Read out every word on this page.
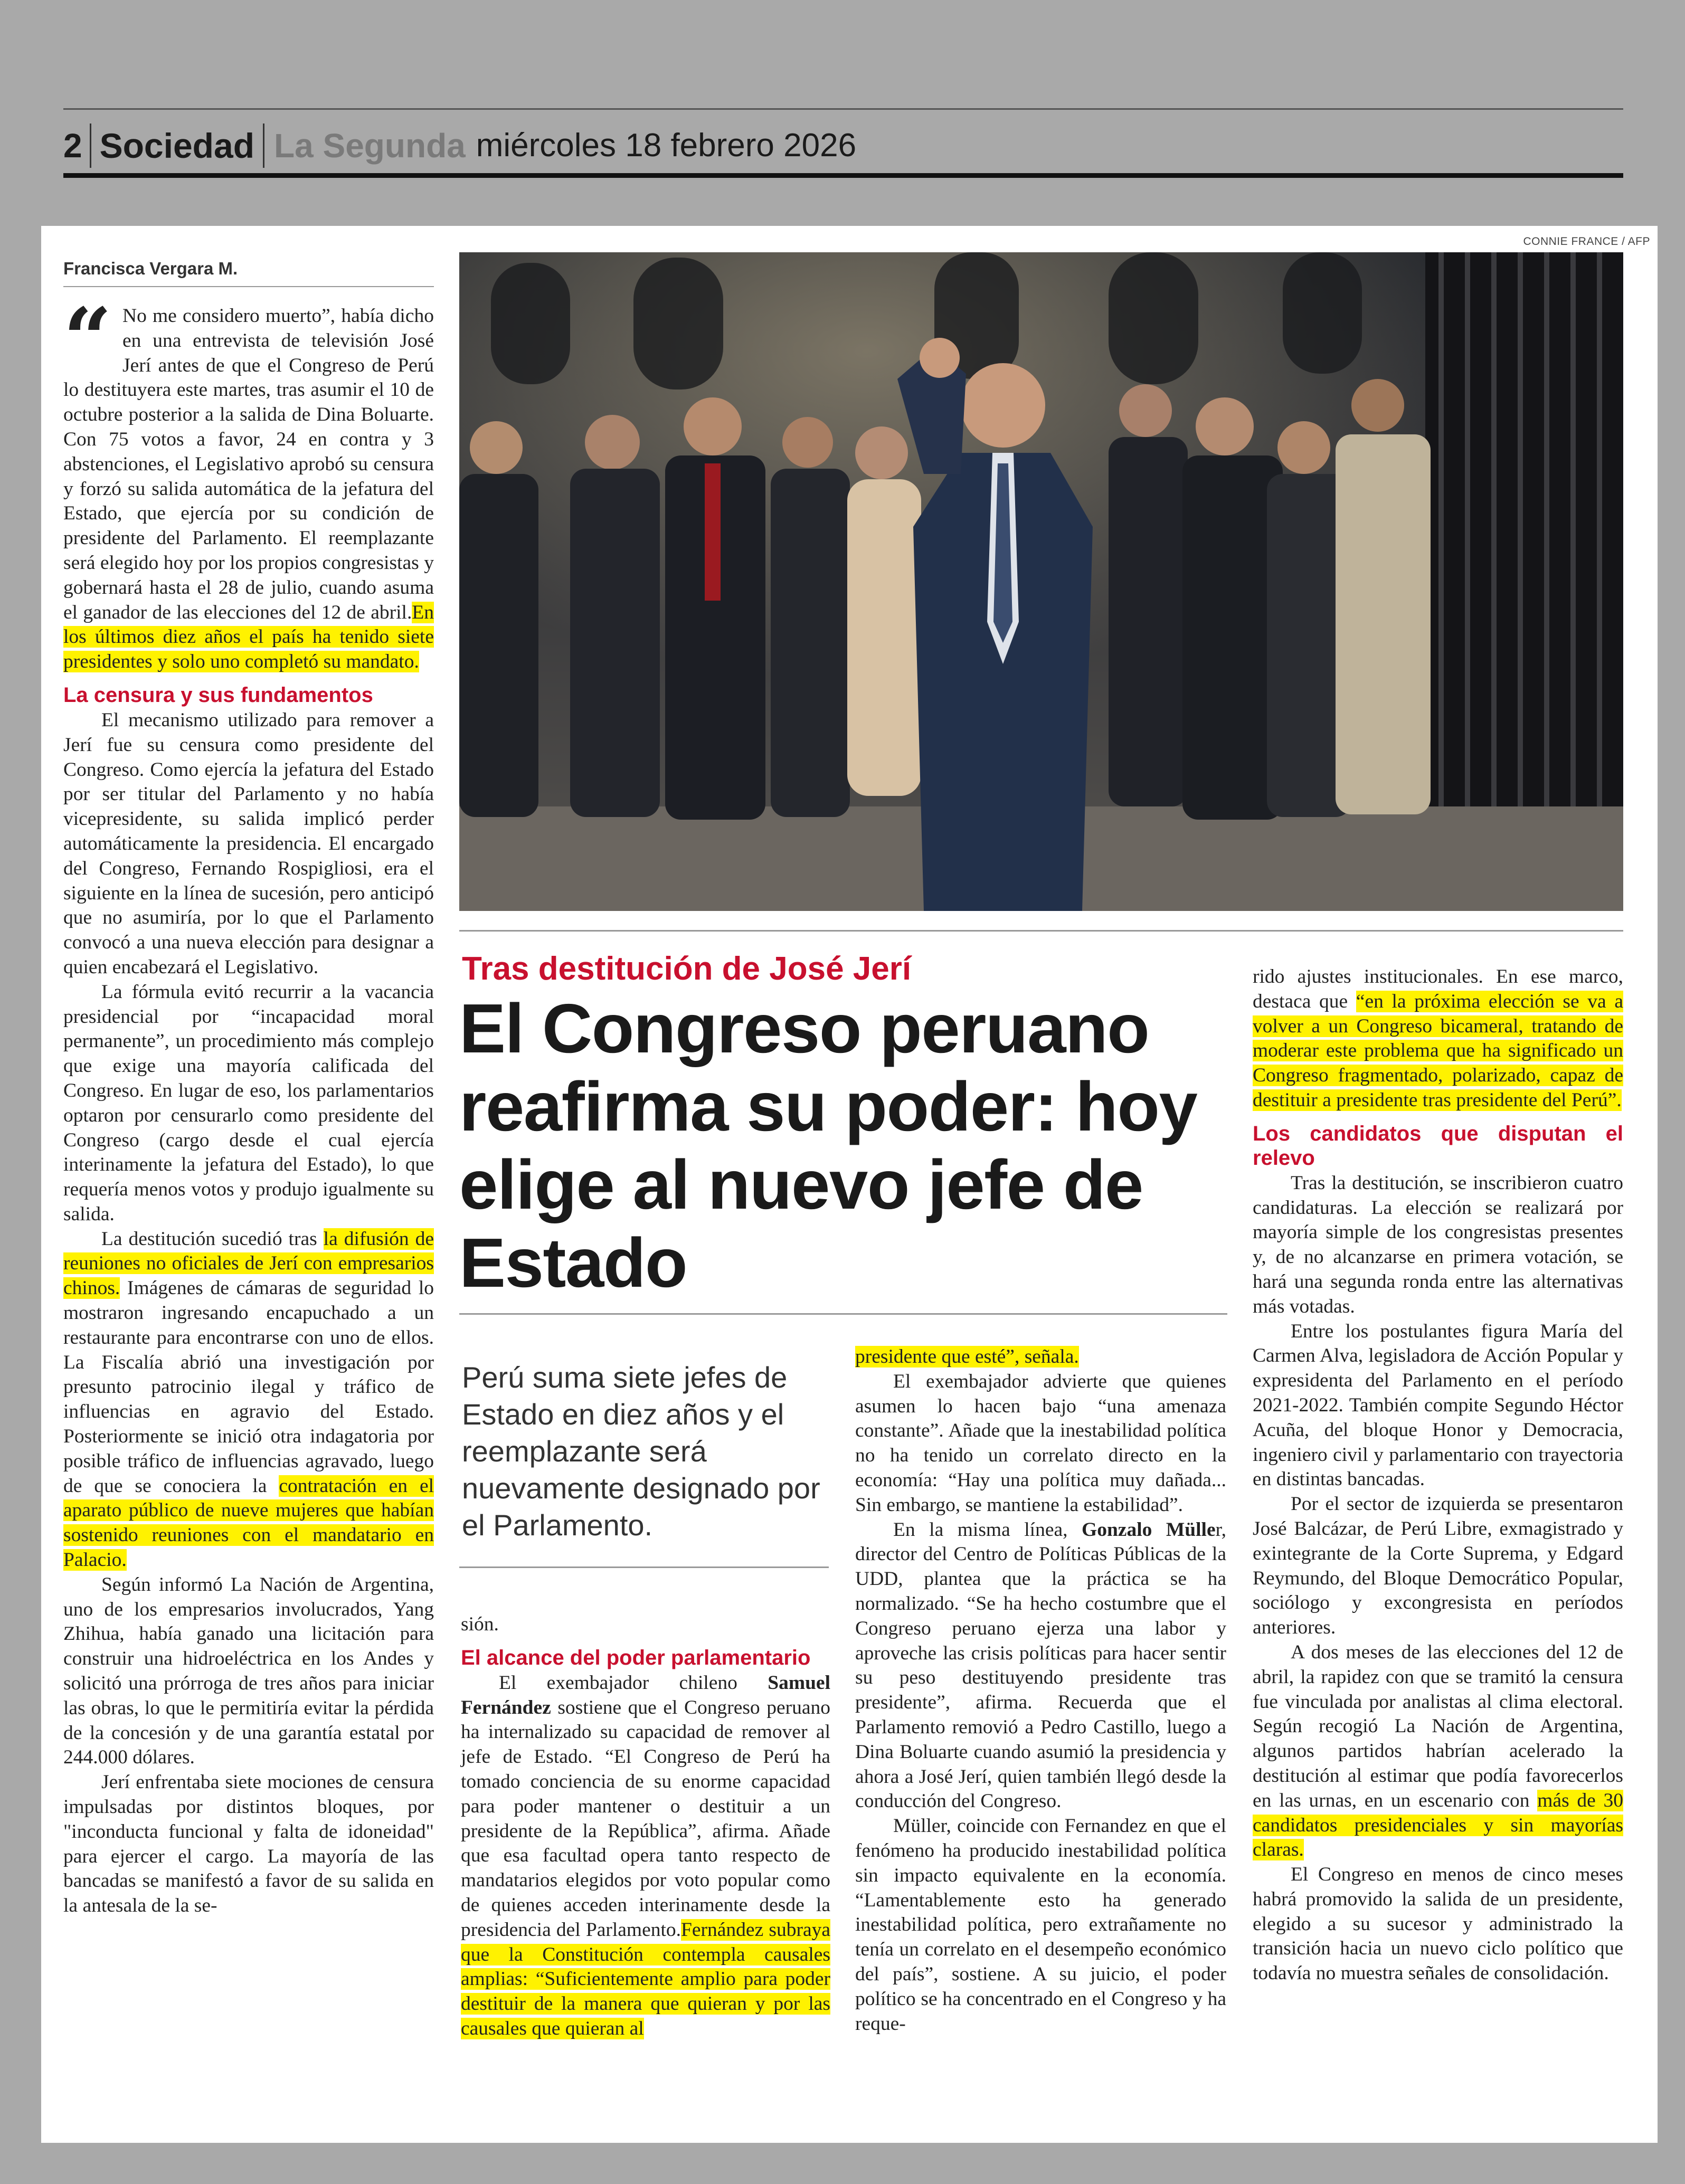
2 Sociedad La Segunda miércoles 18 febrero 2026
CONNIE FRANCE / AFP
Francisca Vergara M.
Tras destitución de José Jerí
El Congreso peruano reafirma su poder: hoy elige al nuevo jefe de Estado
Perú suma siete jefes de Estado en diez años y el reemplazante será nuevamente designado por el Parlamento.

“ No me considero muerto”, había dicho en una entrevista de televisión José Jerí antes de que el Congreso de Perú lo destituyera este martes, tras asumir el 10 de octubre posterior a la salida de Dina Boluarte. Con 75 votos a favor, 24 en contra y 3 abstenciones, el Legislativo aprobó su censura y forzó su salida automática de la jefatura del Estado, que ejercía por su condición de presidente del Parlamento. El reemplazante será elegido hoy por los propios congresistas y gobernará hasta el 28 de julio, cuando asuma el ganador de las elecciones del 12 de abril.En los últimos diez años el país ha tenido siete presidentes y solo uno completó su mandato.

La censura y sus fundamentos

El mecanismo utilizado para remover a Jerí fue su censura como presidente del Congreso. Como ejercía la jefatura del Estado por ser titular del Parlamento y no había vicepresidente, su salida implicó perder automáticamente la presidencia. El encargado del Congreso, Fernando Rospigliosi, era el siguiente en la línea de sucesión, pero anticipó que no asumiría, por lo que el Parlamento convocó a una nueva elección para designar a quien encabezará el Legislativo.

La fórmula evitó recurrir a la vacancia presidencial por “incapacidad moral permanente”, un procedimiento más complejo que exige una mayoría calificada del Congreso. En lugar de eso, los parlamentarios optaron por censurarlo como presidente del Congreso (cargo desde el cual ejercía interinamente la jefatura del Estado), lo que requería menos votos y produjo igualmente su salida.

La destitución sucedió tras la difusión de reuniones no oficiales de Jerí con empresarios chinos. Imágenes de cámaras de seguridad lo mostraron ingresando encapuchado a un restaurante para encontrarse con uno de ellos. La Fiscalía abrió una investigación por presunto patrocinio ilegal y tráfico de influencias en agravio del Estado. Posteriormente se inició otra indagatoria por posible tráfico de influencias agravado, luego de que se conociera la contratación en el aparato público de nueve mujeres que habían sostenido reuniones con el mandatario en Palacio.

Según informó La Nación de Argentina, uno de los empresarios involucrados, Yang Zhihua, había ganado una licitación para construir una hidroeléctrica en los Andes y solicitó una prórroga de tres años para iniciar las obras, lo que le permitiría evitar la pérdida de la concesión y de una garantía estatal por 244.000 dólares.

Jerí enfrentaba siete mociones de censura impulsadas por distintos bloques, por "inconducta funcional y falta de idoneidad" para ejercer el cargo. La mayoría de las bancadas se manifestó a favor de su salida en la antesala de la se-

sión.

El alcance del poder parlamentario

El exembajador chileno Samuel Fernández sostiene que el Congreso peruano ha internalizado su capacidad de remover al jefe de Estado. “El Congreso de Perú ha tomado conciencia de su enorme capacidad para poder mantener o destituir a un presidente de la República”, afirma. Añade que esa facultad opera tanto respecto de mandatarios elegidos por voto popular como de quienes acceden interinamente desde la presidencia del Parlamento.Fernández subraya que la Constitución contempla causales amplias: “Suficientemente amplio para poder destituir de la manera que quieran y por las causales que quieran al

presidente que esté”, señala.

El exembajador advierte que quienes asumen lo hacen bajo “una amenaza constante”. Añade que la inestabilidad política no ha tenido un correlato directo en la economía: “Hay una política muy dañada... Sin embargo, se mantiene la estabilidad”.

En la misma línea, Gonzalo Müller, director del Centro de Políticas Públicas de la UDD, plantea que la práctica se ha normalizado. “Se ha hecho costumbre que el Congreso peruano ejerza una labor y aproveche las crisis políticas para hacer sentir su peso destituyendo presidente tras presidente”, afirma. Recuerda que el Parlamento removió a Pedro Castillo, luego a Dina Boluarte cuando asumió la presidencia y ahora a José Jerí, quien también llegó desde la conducción del Congreso.

Müller, coincide con Fernandez en que el fenómeno ha producido inestabilidad política sin impacto equivalente en la economía. “Lamentablemente esto ha generado inestabilidad política, pero extrañamente no tenía un correlato en el desempeño económico del país”, sostiene. A su juicio, el poder político se ha concentrado en el Congreso y ha reque-

rido ajustes institucionales. En ese marco, destaca que “en la próxima elección se va a volver a un Congreso bicameral, tratando de moderar este problema que ha significado un Congreso fragmentado, polarizado, capaz de destituir a presidente tras presidente del Perú”.

Los candidatos que disputan el relevo

Tras la destitución, se inscribieron cuatro candidaturas. La elección se realizará por mayoría simple de los congresistas presentes y, de no alcanzarse en primera votación, se hará una segunda ronda entre las alternativas más votadas.

Entre los postulantes figura María del Carmen Alva, legisladora de Acción Popular y expresidenta del Parlamento en el período 2021-2022. También compite Segundo Héctor Acuña, del bloque Honor y Democracia, ingeniero civil y parlamentario con trayectoria en distintas bancadas.

Por el sector de izquierda se presentaron José Balcázar, de Perú Libre, exmagistrado y exintegrante de la Corte Suprema, y Edgard Reymundo, del Bloque Democrático Popular, sociólogo y excongresista en períodos anteriores.

A dos meses de las elecciones del 12 de abril, la rapidez con que se tramitó la censura fue vinculada por analistas al clima electoral. Según recogió La Nación de Argentina, algunos partidos habrían acelerado la destitución al estimar que podía favorecerlos en las urnas, en un escenario con más de 30 candidatos presidenciales y sin mayorías claras.

El Congreso en menos de cinco meses habrá promovido la salida de un presidente, elegido a su sucesor y administrado la transición hacia un nuevo ciclo político que todavía no muestra señales de consolidación.
